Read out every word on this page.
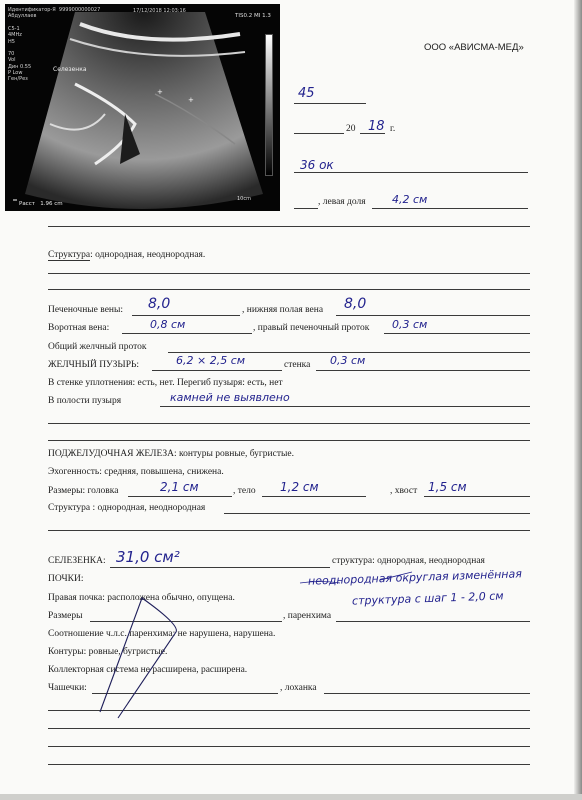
+
+
Идентификатор-Я  9999000000027
Абдуллаев
17/12/2018 12:03:16
TIS0.2 MI 1.3
C5-1
4MHz
H5

70
Vol
Дин 0.55
P Low
Ген/Рез
Селезенка
10cm
Расст 1.96 cm
ООО «АВИСМА-МЕД»
45
20 18 г.
36 ок
, левая доля 4,2 см
Структура: однородная, неоднородная.
Печеночные вены: 8,0	, нижняя полая вена 8,0
Воротная вена:	0,8 см	, правый печеночный проток 0,3 см
Общий желчный проток
ЖЕЛЧНЫЙ ПУЗЫРЬ:	6,2 × 2,5 см	стенка 0,3 см
В стенке уплотнения: есть, нет. Перегиб пузыря: есть, нет
В полости пузыря	камней не выявлено
ПОДЖЕЛУДОЧНАЯ ЖЕЛЕЗА: контуры ровные, бугристые.
Эхогенность: средняя, повышена, снижена.
Размеры: головка	2,1 см	, тело 1,2 см	, хвост 1,5 см
Структура : однородная, неоднородная
СЕЛЕЗЕНКА: 31,0 см²	структура: однородная, неоднородная
ПОЧКИ:	неоднородная округлая изменённая
структура с шаг 1 - 2,0 см
Правая почка: расположена обычно, опущена.
Размеры	, паренхима
Соотношение ч.л.с. паренхима: не нарушена, нарушена.
Контуры: ровные, бугристые.
Коллекторная система не расширена, расширена.
Чашечки:	, лоханка
